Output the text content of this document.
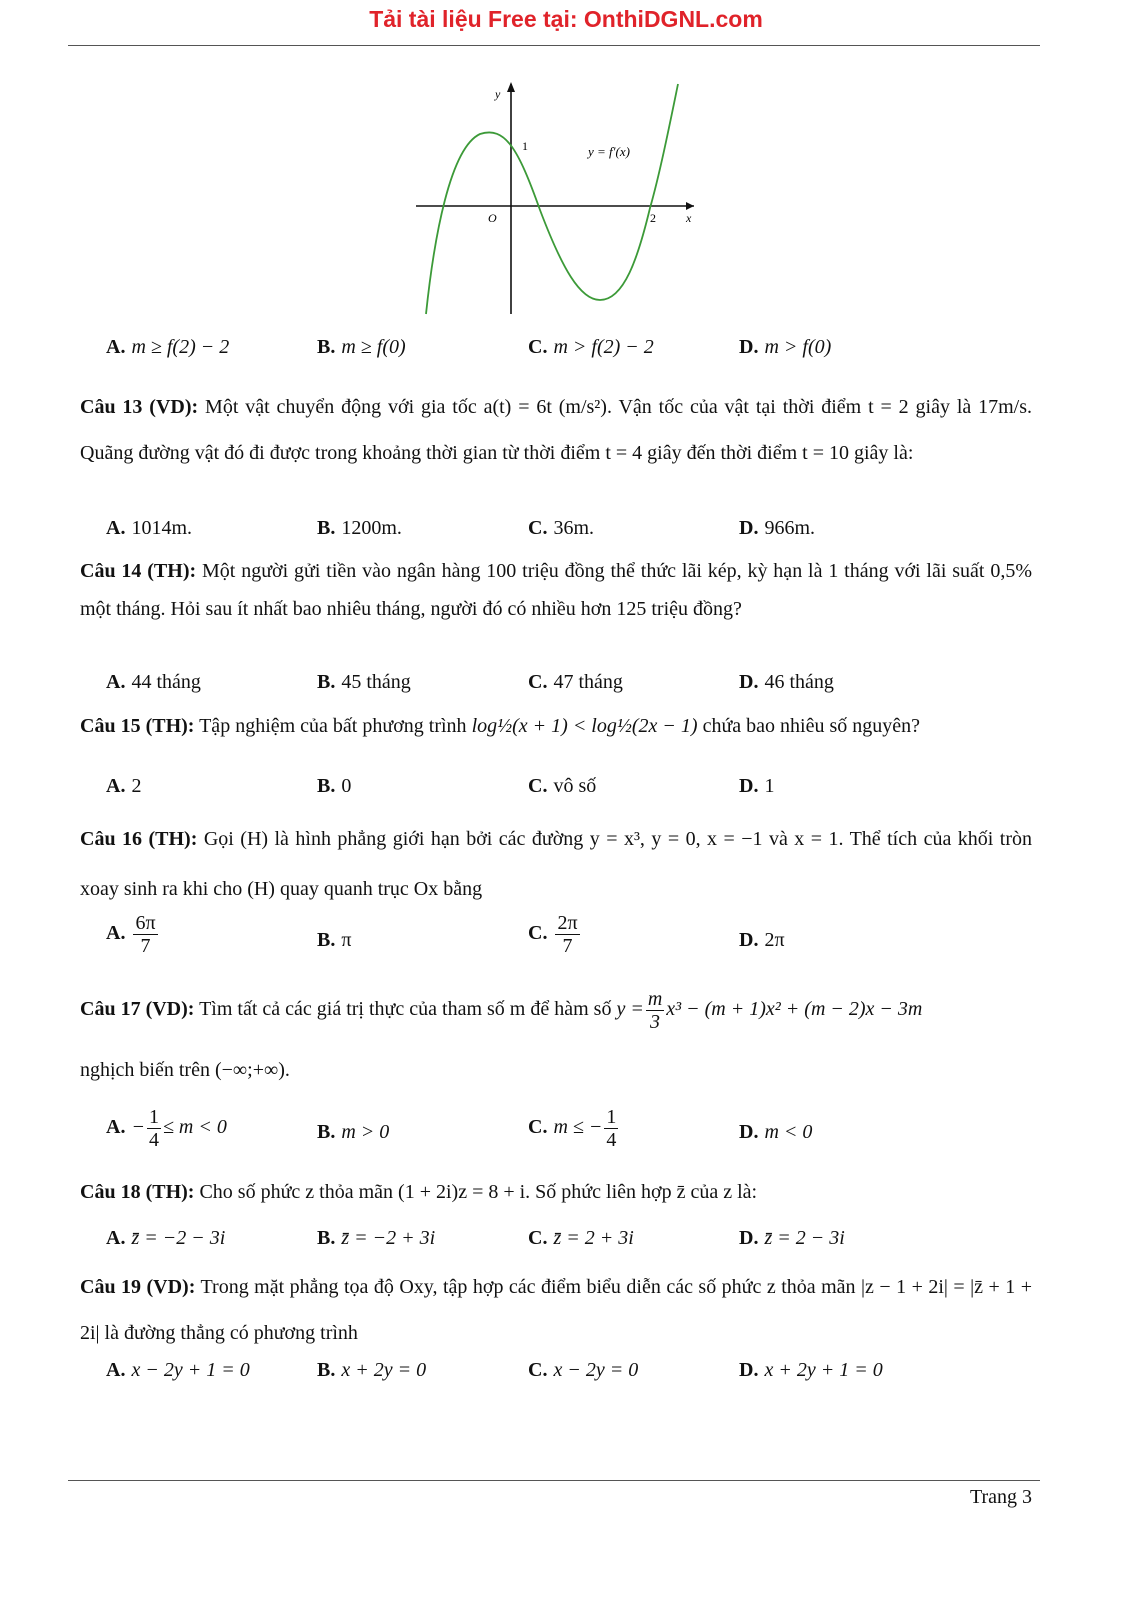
Tải tài liệu Free tại: OnthiDGNL.com
y
x
O
1
2
y = f′(x)
A. m ≥ f(2) − 2	B. m ≥ f(0)	C. m > f(2) − 2	D. m > f(0)
Câu 13 (VD): Một vật chuyển động với gia tốc a(t) = 6t (m/s²). Vận tốc của vật tại thời điểm t = 2 giây là 17m/s. Quãng đường vật đó đi được trong khoảng thời gian từ thời điểm t = 4 giây đến thời điểm t = 10 giây là:
A. 1014m.	B. 1200m.	C. 36m.	D. 966m.
Câu 14 (TH): Một người gửi tiền vào ngân hàng 100 triệu đồng thể thức lãi kép, kỳ hạn là 1 tháng với lãi suất 0,5% một tháng. Hỏi sau ít nhất bao nhiêu tháng, người đó có nhiều hơn 125 triệu đồng?
A. 44 tháng	B. 45 tháng	C. 47 tháng	D. 46 tháng
Câu 15 (TH): Tập nghiệm của bất phương trình log½(x + 1) < log½(2x − 1) chứa bao nhiêu số nguyên?
A. 2	B. 0	C. vô số	D. 1
Câu 16 (TH): Gọi (H) là hình phẳng giới hạn bởi các đường y = x³, y = 0, x = −1 và x = 1. Thể tích của khối tròn xoay sinh ra khi cho (H) quay quanh trục Ox bằng
A. $\frac{6\pi}{7}$	B. π	C. $\frac{2\pi}{7}$	D. 2π
Câu 17 (VD): Tìm tất cả các giá trị thực của tham số m để hàm số $y = \frac{m}{3} x^3 - (m + 1)x^2 + (m - 2)x - 3m$
nghịch biến trên (−∞;+∞).
A. − $\frac{1}{4} \le m < 0$	B. m > 0	C. m ≤ − $\frac{1}{4}$	D. m < 0
Câu 18 (TH): Cho số phức z thỏa mãn (1 + 2i)z = 8 + i. Số phức liên hợp z̄ của z là:
A. z̄ = −2 − 3i	B. z̄ = −2 + 3i	C. z̄ = 2 + 3i	D. z̄ = 2 − 3i
Câu 19 (VD): Trong mặt phẳng tọa độ Oxy, tập hợp các điểm biểu diễn các số phức z thỏa mãn |z − 1 + 2i| = |z̄ + 1 + 2i| là đường thẳng có phương trình
A. x − 2y + 1 = 0	B. x + 2y = 0	C. x − 2y = 0	D. x + 2y + 1 = 0
Trang 3
